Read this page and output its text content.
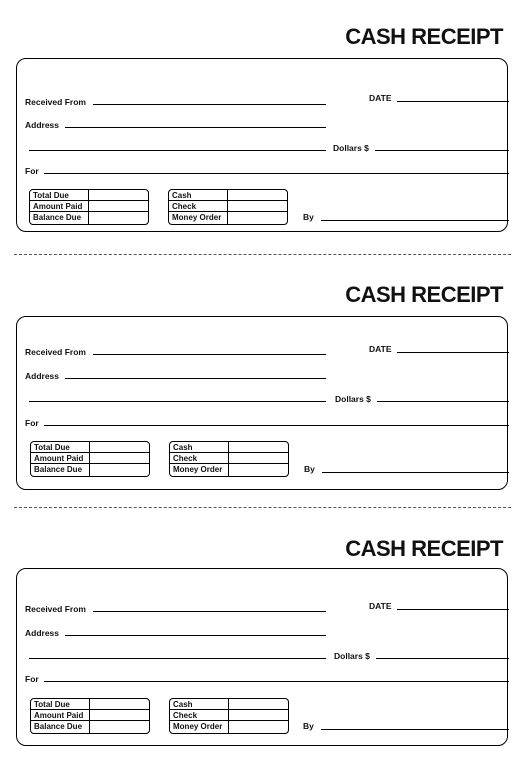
CASH RECEIPT
Received From	DATE
Address
Dollars $
For
By
Total Due
Amount Paid
Balance Due
Cash
Check
Money Order
CASH RECEIPT
Received From	DATE
Address
Dollars $
For
By
Total Due
Amount Paid
Balance Due
Cash
Check
Money Order
CASH RECEIPT
Received From	DATE
Address
Dollars $
For
By
Total Due
Amount Paid
Balance Due
Cash
Check
Money Order
